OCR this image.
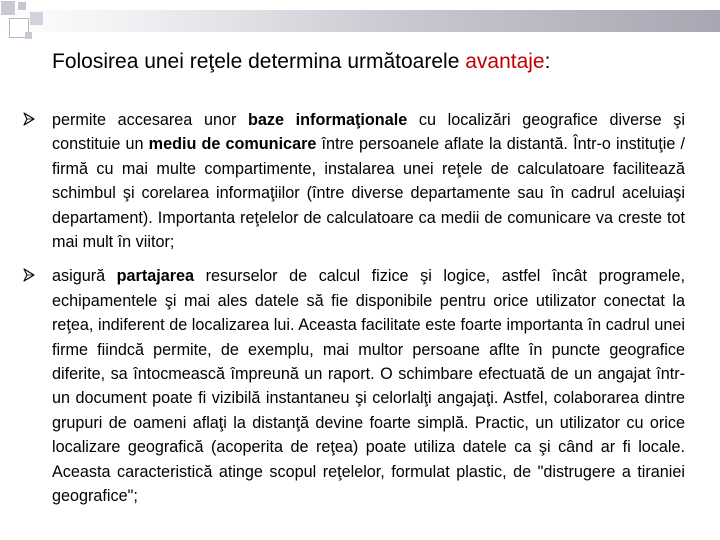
Folosirea unei reţele determina următoarele avantaje:

permite accesarea unor baze informaţionale cu localizări geografice diverse şi constituie un mediu de comunicare între persoanele aflate la distantă. Într-o instituţie / firmă cu mai multe compartimente, instalarea unei reţele de calculatoare facilitează schimbul şi corelarea informaţiilor (între diverse departamente sau în cadrul aceluiaşi departament). Importanta reţelelor de calculatoare ca medii de comunicare va creste tot mai mult în viitor;

asigură partajarea resurselor de calcul fizice şi logice, astfel încât programele, echipamentele şi mai ales datele să fie disponibile pentru orice utilizator conectat la reţea, indiferent de localizarea lui. Aceasta facilitate este foarte importanta în cadrul unei firme fiindcă permite, de exemplu, mai multor persoane aflte în puncte geografice diferite, sa întocmească împreună un raport. O schimbare efectuată de un angajat într-un document poate fi vizibilă instantaneu şi celorlalţi angajaţi. Astfel, colaborarea dintre grupuri de oameni aflaţi la distanţă devine foarte simplă. Practic, un utilizator cu orice localizare geografică (acoperita de reţea) poate utiliza datele ca şi când ar fi locale. Aceasta caracteristică atinge scopul reţelelor, formulat plastic, de "distrugere a tiraniei geografice";
